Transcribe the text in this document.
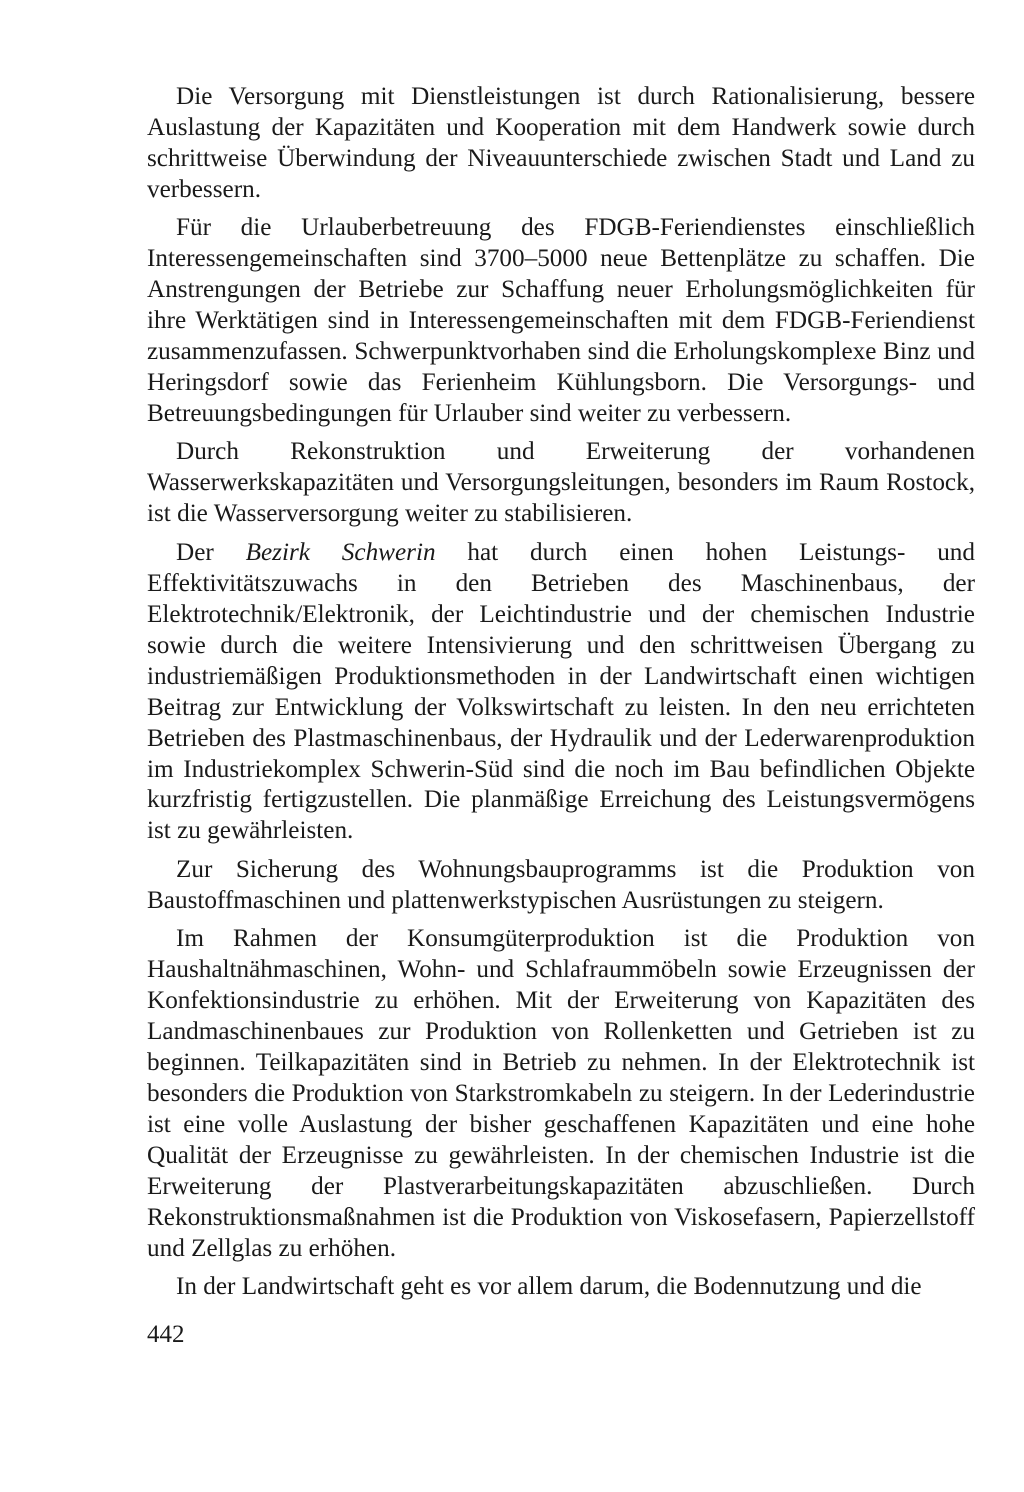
Die Versorgung mit Dienstleistungen ist durch Rationalisierung, bessere Auslastung der Kapazitäten und Kooperation mit dem Handwerk sowie durch schrittweise Überwindung der Niveauunterschiede zwischen Stadt und Land zu verbessern.

Für die Urlauberbetreuung des FDGB-Feriendienstes einschließlich Interessengemeinschaften sind 3700–5000 neue Bettenplätze zu schaffen. Die Anstrengungen der Betriebe zur Schaffung neuer Erholungsmöglichkeiten für ihre Werktätigen sind in Interessengemeinschaften mit dem FDGB-Feriendienst zusammenzufassen. Schwerpunktvorhaben sind die Erholungskomplexe Binz und Heringsdorf sowie das Ferienheim Kühlungsborn. Die Versorgungs- und Betreuungsbedingungen für Urlauber sind weiter zu verbessern.

Durch Rekonstruktion und Erweiterung der vorhandenen Wasserwerkskapazitäten und Versorgungsleitungen, besonders im Raum Rostock, ist die Wasserversorgung weiter zu stabilisieren.

Der Bezirk Schwerin hat durch einen hohen Leistungs- und Effektivitätszuwachs in den Betrieben des Maschinenbaus, der Elektrotechnik/Elektronik, der Leichtindustrie und der chemischen Industrie sowie durch die weitere Intensivierung und den schrittweisen Übergang zu industriemäßigen Produktionsmethoden in der Landwirtschaft einen wichtigen Beitrag zur Entwicklung der Volkswirtschaft zu leisten. In den neu errichteten Betrieben des Plastmaschinenbaus, der Hydraulik und der Lederwarenproduktion im Industriekomplex Schwerin-Süd sind die noch im Bau befindlichen Objekte kurzfristig fertigzustellen. Die planmäßige Erreichung des Leistungsvermögens ist zu gewährleisten.

Zur Sicherung des Wohnungsbauprogramms ist die Produktion von Baustoffmaschinen und plattenwerkstypischen Ausrüstungen zu steigern.

Im Rahmen der Konsumgüterproduktion ist die Produktion von Haushaltnähmaschinen, Wohn- und Schlafraummöbeln sowie Erzeugnissen der Konfektionsindustrie zu erhöhen. Mit der Erweiterung von Kapazitäten des Landmaschinenbaues zur Produktion von Rollenketten und Getrieben ist zu beginnen. Teilkapazitäten sind in Betrieb zu nehmen. In der Elektrotechnik ist besonders die Produktion von Starkstromkabeln zu steigern. In der Lederindustrie ist eine volle Auslastung der bisher geschaffenen Kapazitäten und eine hohe Qualität der Erzeugnisse zu gewährleisten. In der chemischen Industrie ist die Erweiterung der Plastverarbeitungskapazitäten abzuschließen. Durch Rekonstruktionsmaßnahmen ist die Produktion von Viskosefasern, Papierzellstoff und Zellglas zu erhöhen.

In der Landwirtschaft geht es vor allem darum, die Bodennutzung und die

442
